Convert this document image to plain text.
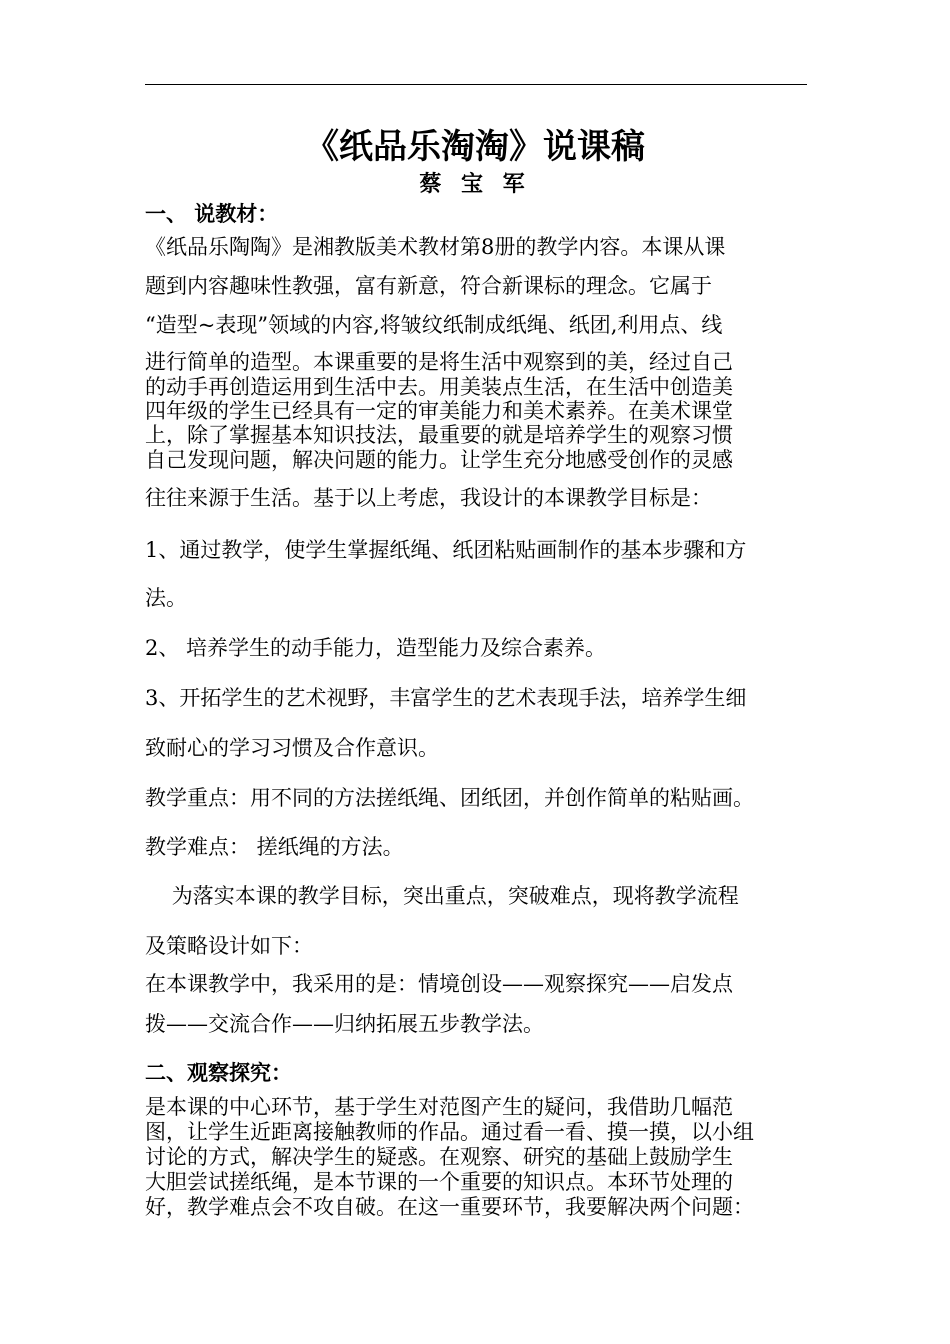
《纸品乐淘淘》说课稿
蔡 宝 军
一、 说教材：
《纸品乐陶陶》是湘教版美术教材第8册的教学内容。本课从课
题到内容趣味性教强，富有新意，符合新课标的理念。它属于
“造型~表现”领域的内容,将皱纹纸制成纸绳、纸团,利用点、线
进行简单的造型。本课重要的是将生活中观察到的美，经过自己
的动手再创造运用到生活中去。用美装点生活，在生活中创造美
四年级的学生已经具有一定的审美能力和美术素养。在美术课堂
上，除了掌握基本知识技法，最重要的就是培养学生的观察习惯
自己发现问题，解决问题的能力。让学生充分地感受创作的灵感
往往来源于生活。基于以上考虑，我设计的本课教学目标是：
1、通过教学，使学生掌握纸绳、纸团粘贴画制作的基本步骤和方
法。
2、 培养学生的动手能力，造型能力及综合素养。
3、开拓学生的艺术视野，丰富学生的艺术表现手法，培养学生细
致耐心的学习习惯及合作意识。
教学重点：用不同的方法搓纸绳、团纸团，并创作简单的粘贴画。
教学难点： 搓纸绳的方法。
为落实本课的教学目标，突出重点，突破难点，现将教学流程
及策略设计如下：
在本课教学中，我采用的是：情境创设——观察探究——启发点
拨——交流合作——归纳拓展五步教学法。
二、观察探究：
是本课的中心环节，基于学生对范图产生的疑问，我借助几幅范
图，让学生近距离接触教师的作品。通过看一看、摸一摸，以小组
讨论的方式，解决学生的疑惑。在观察、研究的基础上鼓励学生
大胆尝试搓纸绳，是本节课的一个重要的知识点。本环节处理的
好，教学难点会不攻自破。在这一重要环节，我要解决两个问题：
